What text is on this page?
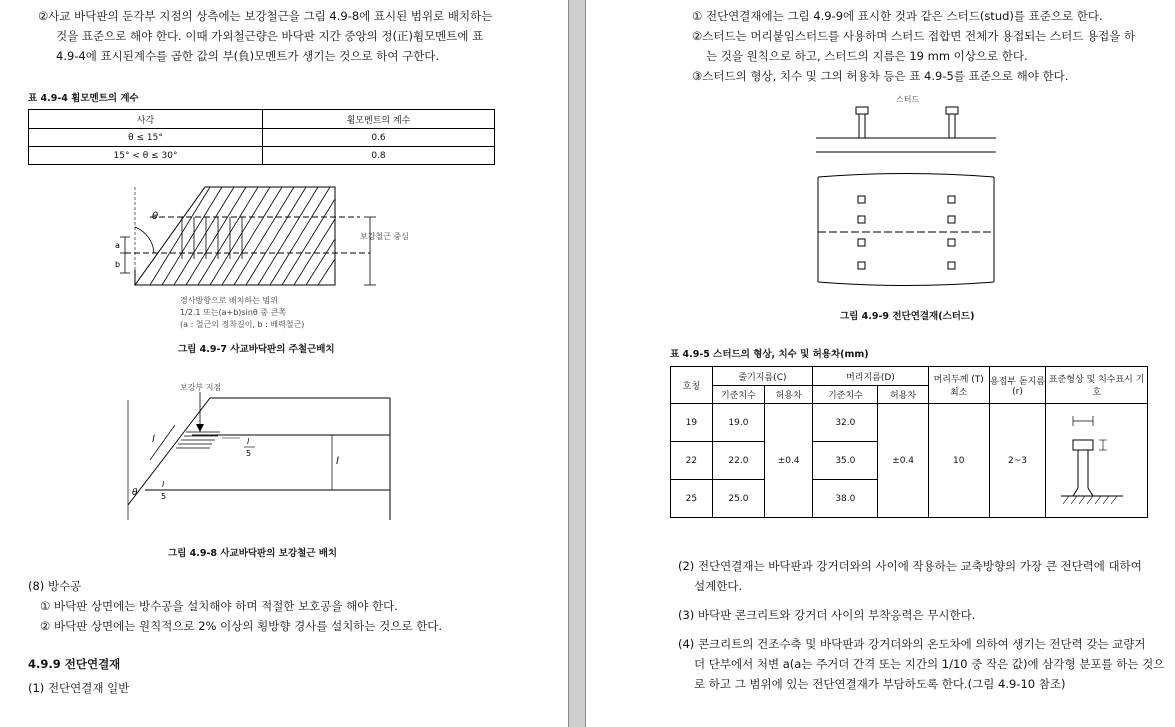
②사교 바닥판의 둔각부 지점의 상측에는 보강철근을 그림 4.9-8에 표시된 범위로 배치하는
것을 표준으로 해야 한다. 이때 가외철근량은 바닥판 지간 중앙의 정(正)휨모멘트에 표
4.9-4에 표시된계수를 곱한 값의 부(負)모멘트가 생기는 것으로 하여 구한다.
표 4.9-4 휨모멘트의 계수
사각	휨모멘트의 계수
θ ≤ 15°	0.6
15° < θ ≤ 30°	0.8
θ
a
b
보강철근 중심
경사방향으로 배치하는 범위
1/2.1 또는(a+b)sinθ 중 큰쪽
(a : 철근의 정착길이, b : 배력철근)
그림 4.9-7 사교바닥판의 주철근배치
보강부 지점
l	l
5
l
θ
l
5
그림 4.9-8 사교바닥판의 보강철근 배치
(8) 방수공
① 바닥판 상면에는 방수공을 설치해야 하며 적절한 보호공을 해야 한다.
② 바닥판 상면에는 원칙적으로 2% 이상의 횡방향 경사를 설치하는 것으로 한다.
4.9.9 전단연결재
(1) 전단연결재 일반
① 전단연결재에는 그림 4.9-9에 표시한 것과 같은 스터드(stud)를 표준으로 한다.
②스터드는 머리붙임스터드를 사용하며 스터드 접합면 전체가 용접되는 스터드 용접을 하
는 것을 원칙으로 하고, 스터드의 지름은 19 mm 이상으로 한다.
③스터드의 형상, 치수 및 그의 허용차 등은 표 4.9-5를 표준으로 해야 한다.
스터드
그림 4.9-9 전단연결재(스터드)
표 4.9-5 스터드의 형상, 치수 및 허용차(mm)
호칭	줄기지름(C)		머리지름(D)		머리두께 (T) 최소	용접부 돋지름(r)	표준형상 및 치수표시 기호
	기준치수	허용차	기준치수	허용차			
19	19.0	±0.4	32.0	±0.4	10	2~3	
22	22.0		35.0				
25	25.0		38.0				
(2) 전단연결재는 바닥판과 강거더와의 사이에 작용하는 교축방향의 가장 큰 전단력에 대하여
설계한다.
(3) 바닥판 콘크리트와 강거더 사이의 부착응력은 무시한다.
(4) 콘크리트의 건조수축 및 바닥판과 강거더와의 온도차에 의하여 생기는 전단력 갖는 교량거
더 단부에서 처변 a(a는 주거더 간격 또는 지간의 1/10 중 작은 값)에 삼각형 분포를 하는 것으
로 하고 그 범위에 있는 전단연결재가 부담하도록 한다.(그림 4.9-10 참조)
